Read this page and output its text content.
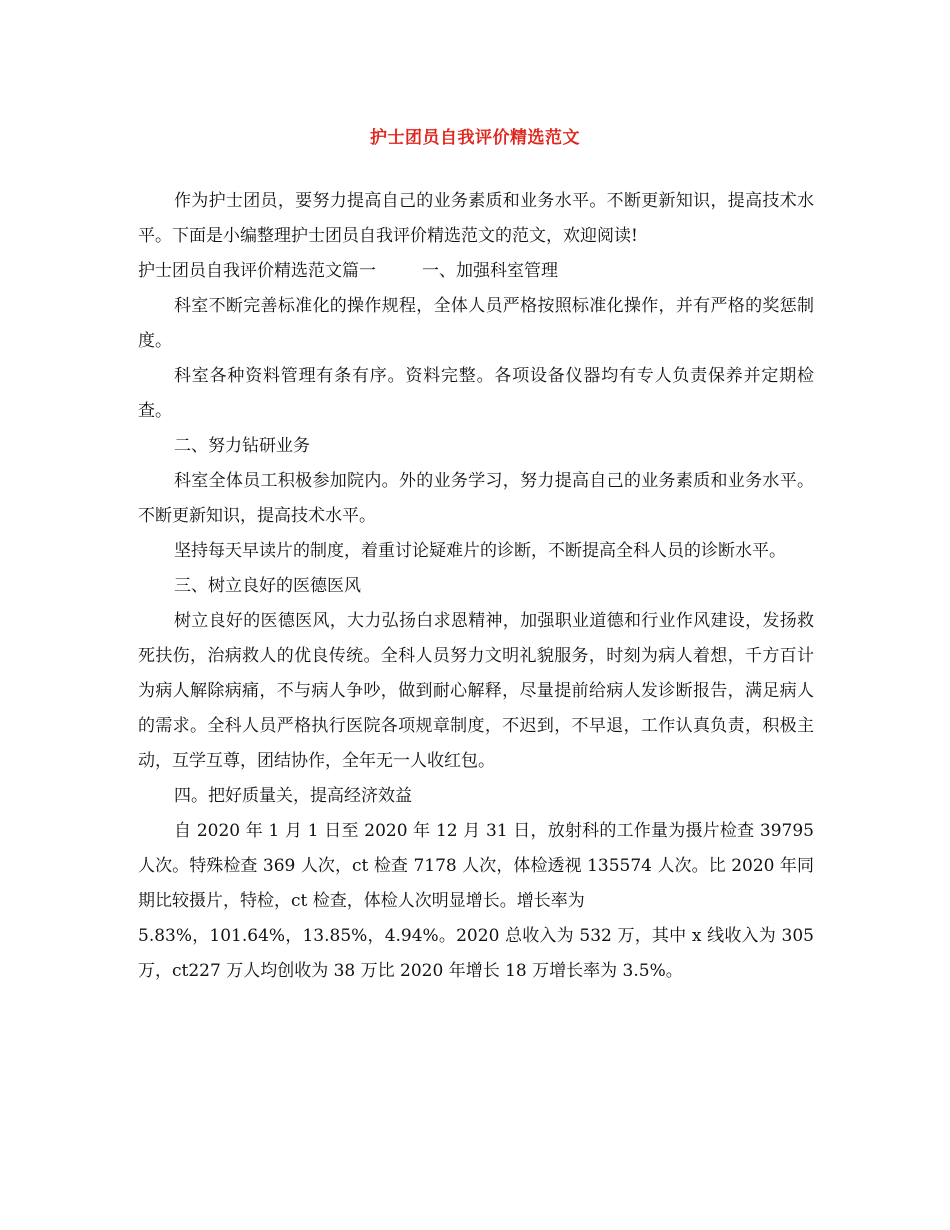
护士团员自我评价精选范文

作为护士团员，要努力提高自己的业务素质和业务水平。不断更新知识，提高技术水平。下面是小编整理护士团员自我评价精选范文的范文，欢迎阅读!

护士团员自我评价精选范文篇一	一、加强科室管理

科室不断完善标准化的操作规程，全体人员严格按照标准化操作，并有严格的奖惩制度。

科室各种资料管理有条有序。资料完整。各项设备仪器均有专人负责保养并定期检查。

二、努力钻研业务

科室全体员工积极参加院内。外的业务学习，努力提高自己的业务素质和业务水平。不断更新知识，提高技术水平。

坚持每天早读片的制度，着重讨论疑难片的诊断，不断提高全科人员的诊断水平。

三、树立良好的医德医风

树立良好的医德医风，大力弘扬白求恩精神，加强职业道德和行业作风建设，发扬救死扶伤，治病救人的优良传统。全科人员努力文明礼貌服务，时刻为病人着想，千方百计为病人解除病痛，不与病人争吵，做到耐心解释，尽量提前给病人发诊断报告，满足病人的需求。全科人员严格执行医院各项规章制度，不迟到，不早退，工作认真负责，积极主动，互学互尊，团结协作，全年无一人收红包。

四。把好质量关，提高经济效益

自 2020 年 1 月 1 日至 2020 年 12 月 31 日，放射科的工作量为摄片检查 39795人次。特殊检查 369 人次，ct 检查 7178 人次，体检透视 135574 人次。比 2020 年同期比较摄片，特检，ct 检查，体检人次明显增长。增长率为

5.83%，101.64%，13.85%，4.94%。2020 总收入为 532 万，其中 x 线收入为 305 万，ct227 万人均创收为 38 万比 2020 年增长 18 万增长率为 3.5%。
